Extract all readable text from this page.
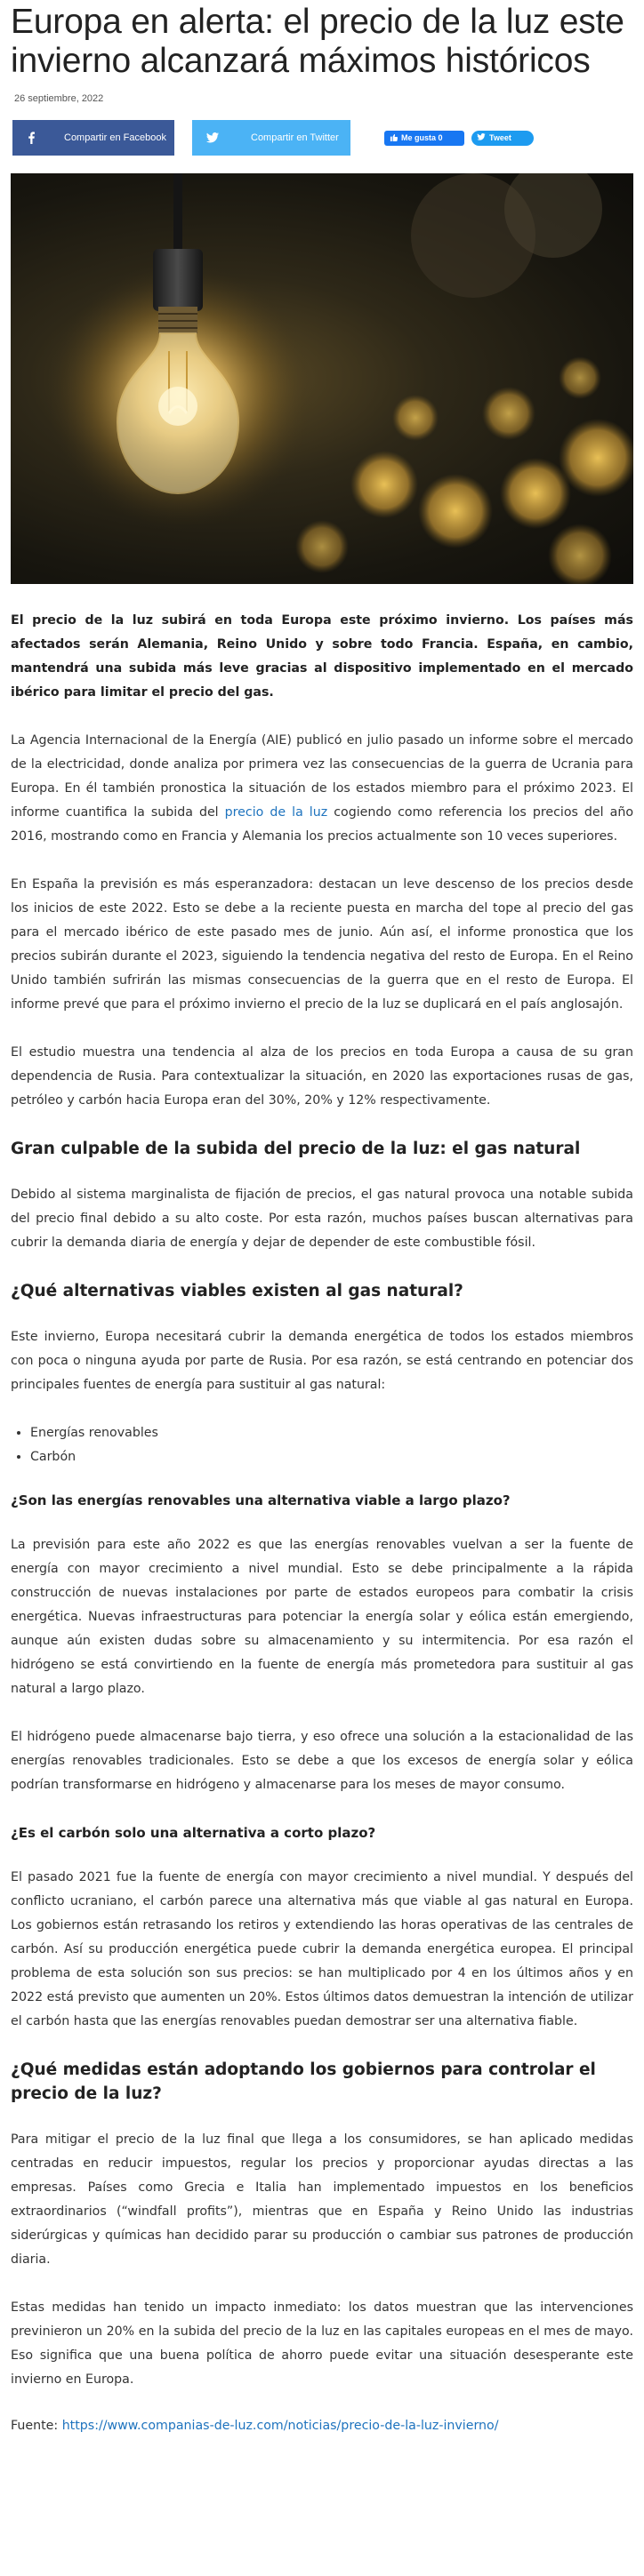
Europa en alerta: el precio de la luz este invierno alcanzará máximos históricos
26 septiembre, 2022
Compartir en Facebook	Compartir en Twitter	Me gusta 0	Tweet

El precio de la luz subirá en toda Europa este próximo invierno. Los países más afectados serán Alemania, Reino Unido y sobre todo Francia. España, en cambio, mantendrá una subida más leve gracias al dispositivo implementado en el mercado ibérico para limitar el precio del gas.

La Agencia Internacional de la Energía (AIE) publicó en julio pasado un informe sobre el mercado de la electricidad, donde analiza por primera vez las consecuencias de la guerra de Ucrania para Europa. En él también pronostica la situación de los estados miembro para el próximo 2023. El informe cuantifica la subida del precio de la luz cogiendo como referencia los precios del año 2016, mostrando como en Francia y Alemania los precios actualmente son 10 veces superiores.

En España la previsión es más esperanzadora: destacan un leve descenso de los precios desde los inicios de este 2022. Esto se debe a la reciente puesta en marcha del tope al precio del gas para el mercado ibérico de este pasado mes de junio. Aún así, el informe pronostica que los precios subirán durante el 2023, siguiendo la tendencia negativa del resto de Europa. En el Reino Unido también sufrirán las mismas consecuencias de la guerra que en el resto de Europa. El informe prevé que para el próximo invierno el precio de la luz se duplicará en el país anglosajón.

El estudio muestra una tendencia al alza de los precios en toda Europa a causa de su gran dependencia de Rusia. Para contextualizar la situación, en 2020 las exportaciones rusas de gas, petróleo y carbón hacia Europa eran del 30%, 20% y 12% respectivamente.

Gran culpable de la subida del precio de la luz: el gas natural

Debido al sistema marginalista de fijación de precios, el gas natural provoca una notable subida del precio final debido a su alto coste. Por esta razón, muchos países buscan alternativas para cubrir la demanda diaria de energía y dejar de depender de este combustible fósil.

¿Qué alternativas viables existen al gas natural?

Este invierno, Europa necesitará cubrir la demanda energética de todos los estados miembros con poca o ninguna ayuda por parte de Rusia. Por esa razón, se está centrando en potenciar dos principales fuentes de energía para sustituir al gas natural:

• Energías renovables
• Carbón
¿Son las energías renovables una alternativa viable a largo plazo?

La previsión para este año 2022 es que las energías renovables vuelvan a ser la fuente de energía con mayor crecimiento a nivel mundial. Esto se debe principalmente a la rápida construcción de nuevas instalaciones por parte de estados europeos para combatir la crisis energética. Nuevas infraestructuras para potenciar la energía solar y eólica están emergiendo, aunque aún existen dudas sobre su almacenamiento y su intermitencia. Por esa razón el hidrógeno se está convirtiendo en la fuente de energía más prometedora para sustituir al gas natural a largo plazo.

El hidrógeno puede almacenarse bajo tierra, y eso ofrece una solución a la estacionalidad de las energías renovables tradicionales. Esto se debe a que los excesos de energía solar y eólica podrían transformarse en hidrógeno y almacenarse para los meses de mayor consumo.

¿Es el carbón solo una alternativa a corto plazo?

El pasado 2021 fue la fuente de energía con mayor crecimiento a nivel mundial. Y después del conflicto ucraniano, el carbón parece una alternativa más que viable al gas natural en Europa. Los gobiernos están retrasando los retiros y extendiendo las horas operativas de las centrales de carbón. Así su producción energética puede cubrir la demanda energética europea. El principal problema de esta solución son sus precios: se han multiplicado por 4 en los últimos años y en 2022 está previsto que aumenten un 20%. Estos últimos datos demuestran la intención de utilizar el carbón hasta que las energías renovables puedan demostrar ser una alternativa fiable.

¿Qué medidas están adoptando los gobiernos para controlar el precio de la luz?

Para mitigar el precio de la luz final que llega a los consumidores, se han aplicado medidas centradas en reducir impuestos, regular los precios y proporcionar ayudas directas a las empresas. Países como Grecia e Italia han implementado impuestos en los beneficios extraordinarios (“windfall profits”), mientras que en España y Reino Unido las industrias siderúrgicas y químicas han decidido parar su producción o cambiar sus patrones de producción diaria.

Estas medidas han tenido un impacto inmediato: los datos muestran que las intervenciones previnieron un 20% en la subida del precio de la luz en las capitales europeas en el mes de mayo. Eso significa que una buena política de ahorro puede evitar una situación desesperante este invierno en Europa.

Fuente: https://www.companias-de-luz.com/noticias/precio-de-la-luz-invierno/
